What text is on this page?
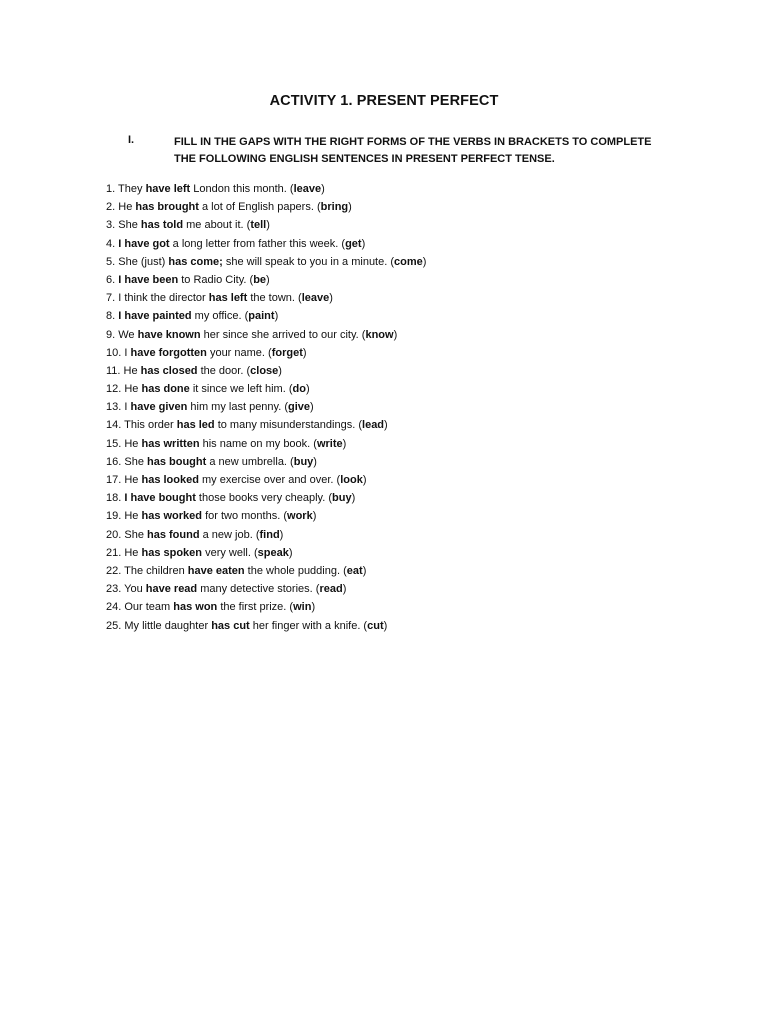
ACTIVITY 1. PRESENT PERFECT
I.	FILL IN THE GAPS WITH THE RIGHT FORMS OF THE VERBS IN BRACKETS TO COMPLETE THE FOLLOWING ENGLISH SENTENCES IN PRESENT PERFECT TENSE.
1. They have left London this month. (leave)
2. He has brought a lot of English papers. (bring)
3. She has told me about it. (tell)
4. I have got a long letter from father this week. (get)
5. She (just) has come; she will speak to you in a minute. (come)
6. I have been to Radio City. (be)
7. I think the director has left the town. (leave)
8. I have painted my office. (paint)
9. We have known her since she arrived to our city. (know)
10. I have forgotten your name. (forget)
11. He has closed the door. (close)
12. He has done it since we left him. (do)
13. I have given him my last penny. (give)
14. This order has led to many misunderstandings. (lead)
15. He has written his name on my book. (write)
16. She has bought a new umbrella. (buy)
17. He has looked my exercise over and over. (look)
18. I have bought those books very cheaply. (buy)
19. He has worked for two months. (work)
20. She has found a new job. (find)
21. He has spoken very well. (speak)
22. The children have eaten the whole pudding. (eat)
23. You have read many detective stories. (read)
24. Our team has won the first prize. (win)
25. My little daughter has cut her finger with a knife. (cut)
